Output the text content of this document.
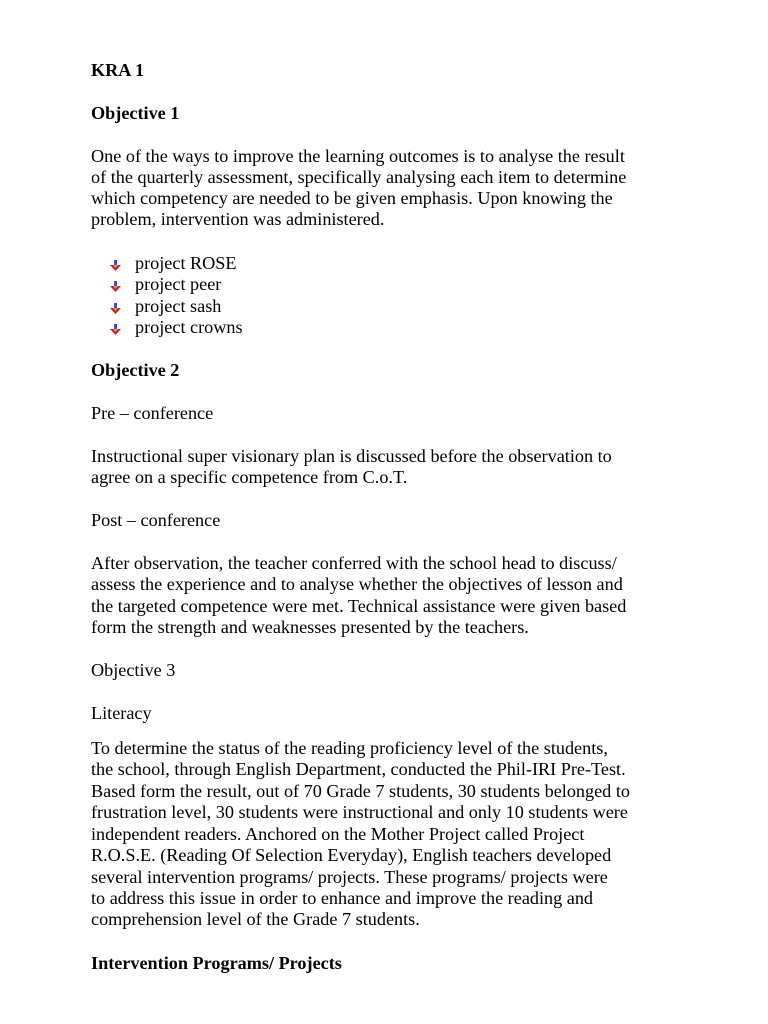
KRA 1

Objective 1

One of the ways to improve the learning outcomes is to analyse the result

of the quarterly assessment, specifically analysing each item to determine

which competency are needed to be given emphasis. Upon knowing the

problem, intervention was administered.

project ROSE
project peer
project sash
project crowns

Objective 2

Pre – conference

Instructional super visionary plan is discussed before the observation to

agree on a specific competence from C.o.T.

Post – conference

After observation, the teacher conferred with the school head to discuss/

assess the experience and to analyse whether the objectives of lesson and

the targeted competence were met. Technical assistance were given based

form the strength and weaknesses presented by the teachers.

Objective 3

Literacy

To determine the status of the reading proficiency level of the students,

the school, through English Department, conducted the Phil-IRI Pre-Test.

Based form the result, out of 70 Grade 7 students, 30 students belonged to

frustration level, 30 students were instructional and only 10 students were

independent readers. Anchored on the Mother Project called Project

R.O.S.E. (Reading Of Selection Everyday), English teachers developed

several intervention programs/ projects. These programs/ projects were

to address this issue in order to enhance and improve the reading and

comprehension level of the Grade 7 students.

Intervention Programs/ Projects
